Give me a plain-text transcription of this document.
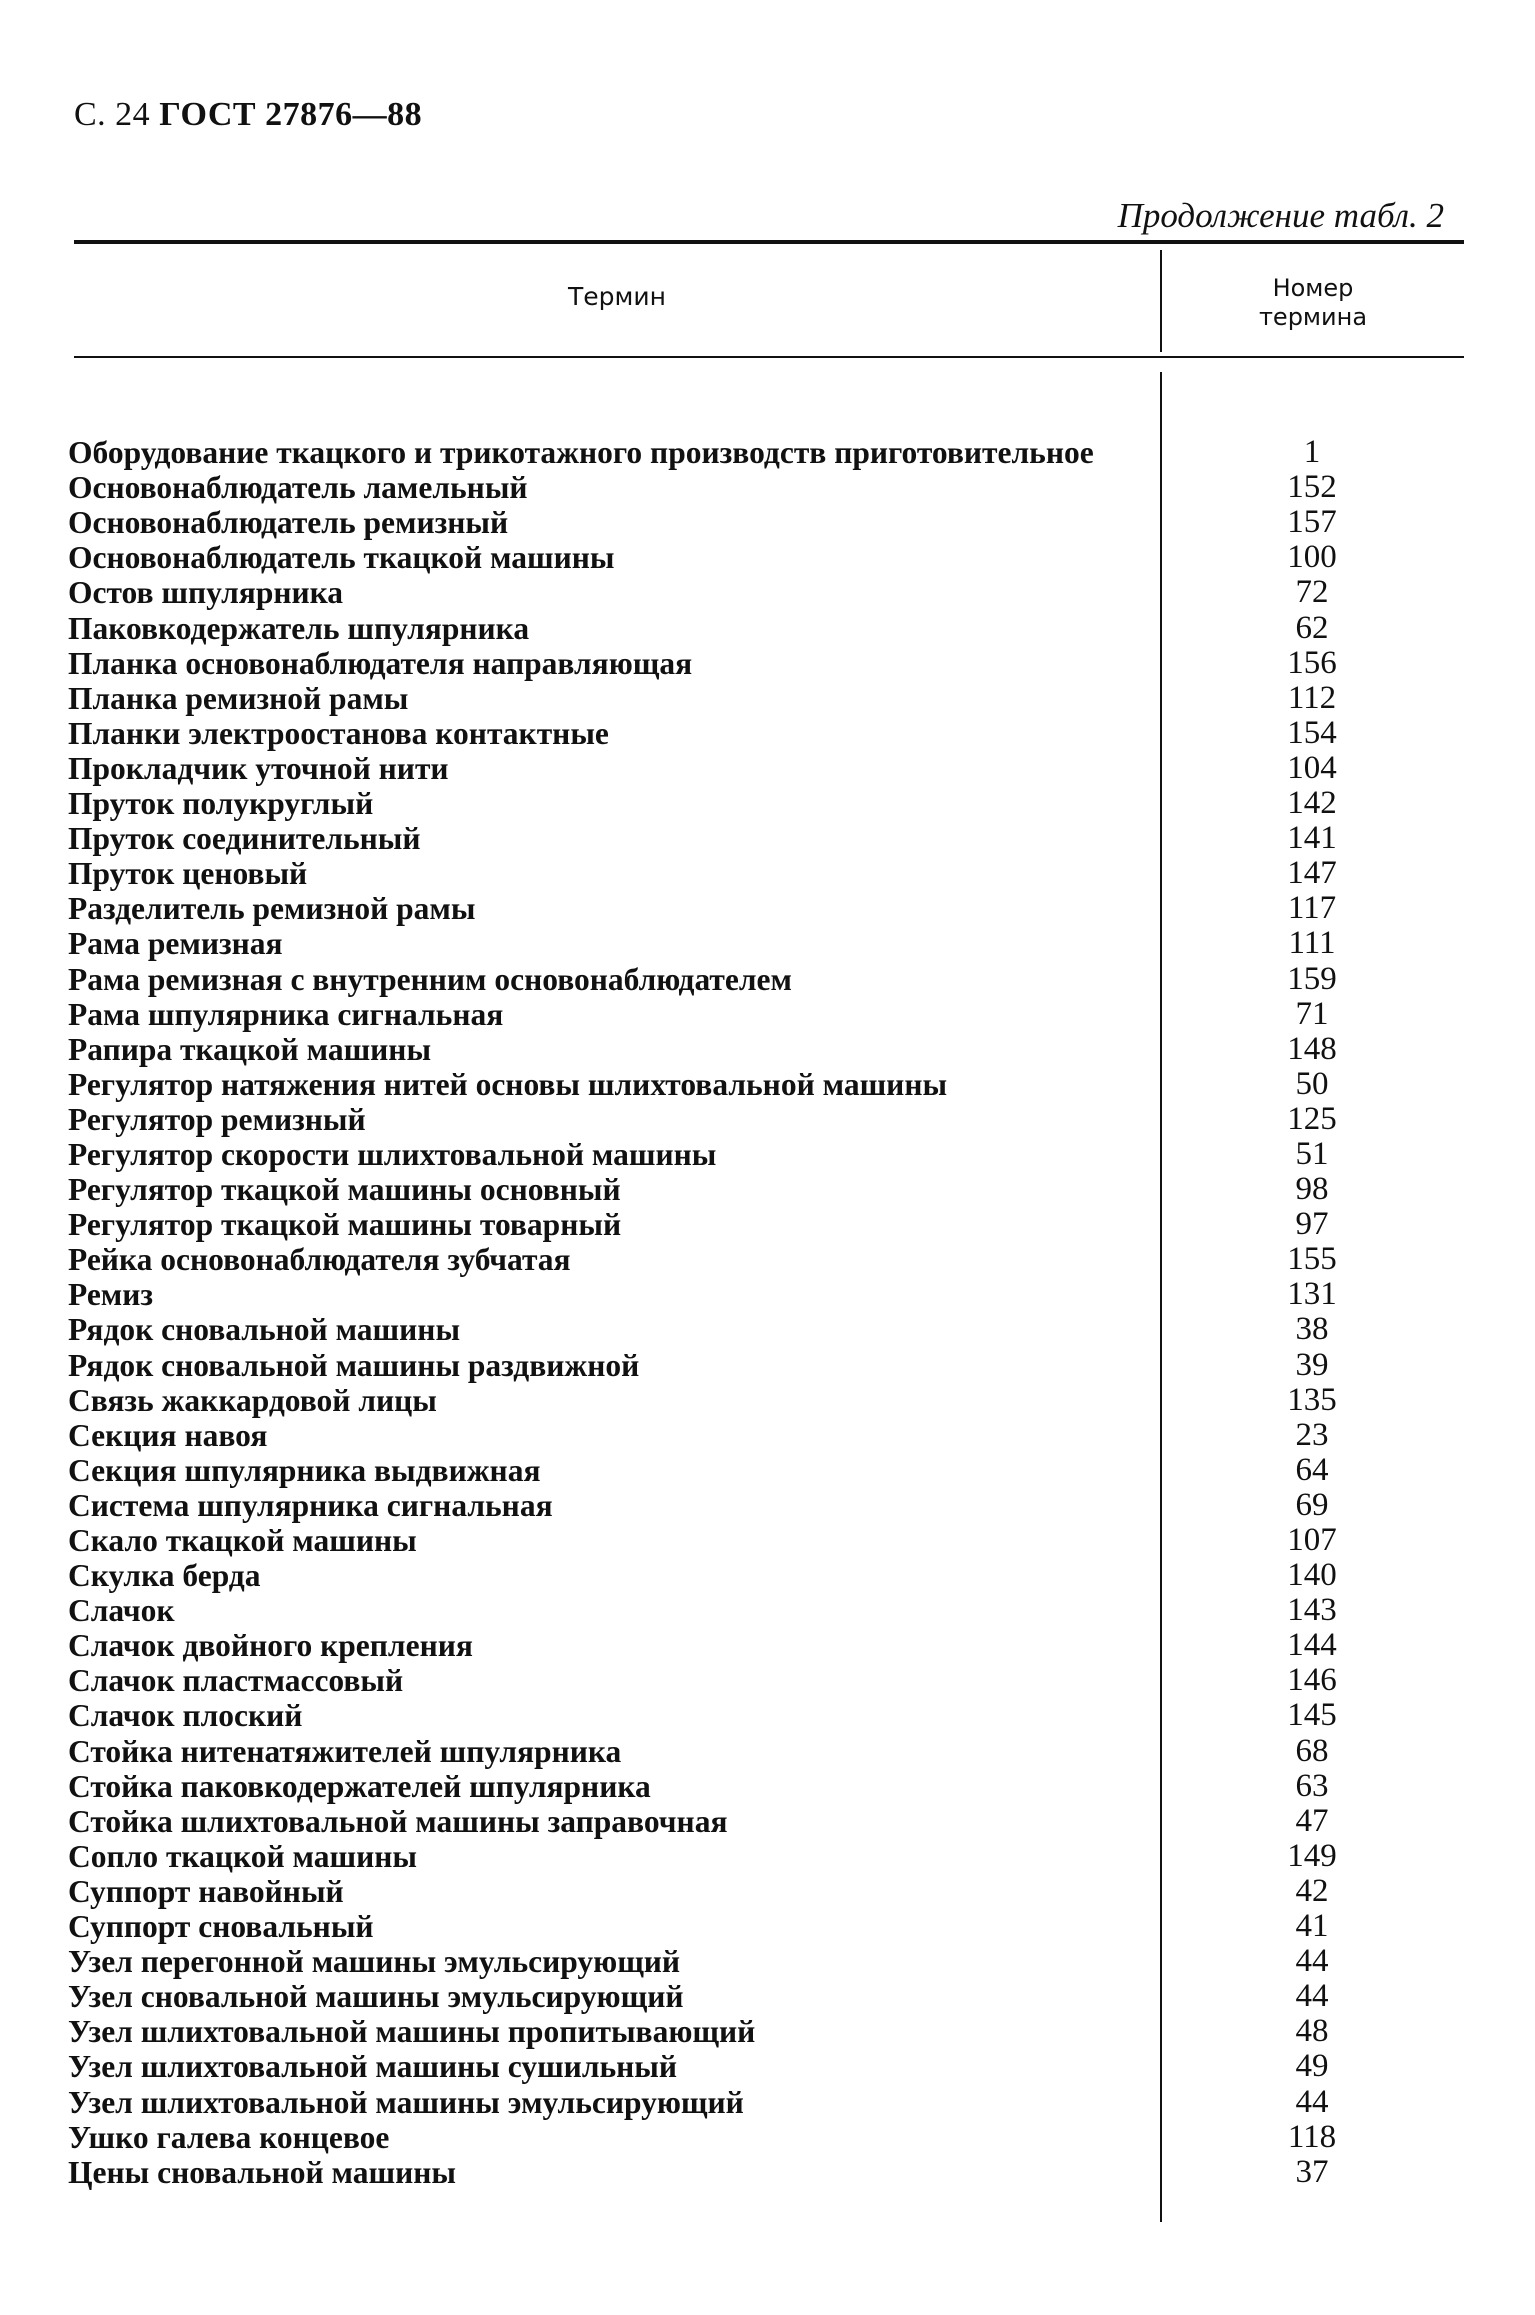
С. 24 ГОСТ 27876—88
Продолжение табл. 2
Термин	Номер
термина
Оборудование ткацкого и трикотажного производств приготовительное	1
Основонаблюдатель ламельный	152
Основонаблюдатель ремизный	157
Основонаблюдатель ткацкой машины	100
Остов шпулярника	72
Паковкодержатель шпулярника	62
Планка основонаблюдателя направляющая	156
Планка ремизной рамы	112
Планки электроостанова контактные	154
Прокладчик уточной нити	104
Пруток полукруглый	142
Пруток соединительный	141
Пруток ценовый	147
Разделитель ремизной рамы	117
Рама ремизная	111
Рама ремизная с внутренним основонаблюдателем	159
Рама шпулярника сигнальная	71
Рапира ткацкой машины	148
Регулятор натяжения нитей основы шлихтовальной машины	50
Регулятор ремизный	125
Регулятор скорости шлихтовальной машины	51
Регулятор ткацкой машины основный	98
Регулятор ткацкой машины товарный	97
Рейка основонаблюдателя зубчатая	155
Ремиз	131
Рядок сновальной машины	38
Рядок сновальной машины раздвижной	39
Связь жаккардовой лицы	135
Секция навоя	23
Секция шпулярника выдвижная	64
Система шпулярника сигнальная	69
Скало ткацкой машины	107
Скулка берда	140
Слачок	143
Слачок двойного крепления	144
Слачок пластмассовый	146
Слачок плоский	145
Стойка нитенатяжителей шпулярника	68
Стойка паковкодержателей шпулярника	63
Стойка шлихтовальной машины заправочная	47
Сопло ткацкой машины	149
Суппорт навойный	42
Суппорт сновальный	41
Узел перегонной машины эмульсирующий	44
Узел сновальной машины эмульсирующий	44
Узел шлихтовальной машины пропитывающий	48
Узел шлихтовальной машины сушильный	49
Узел шлихтовальной машины эмульсирующий	44
Ушко галева концевое	118
Цены сновальной машины	37
